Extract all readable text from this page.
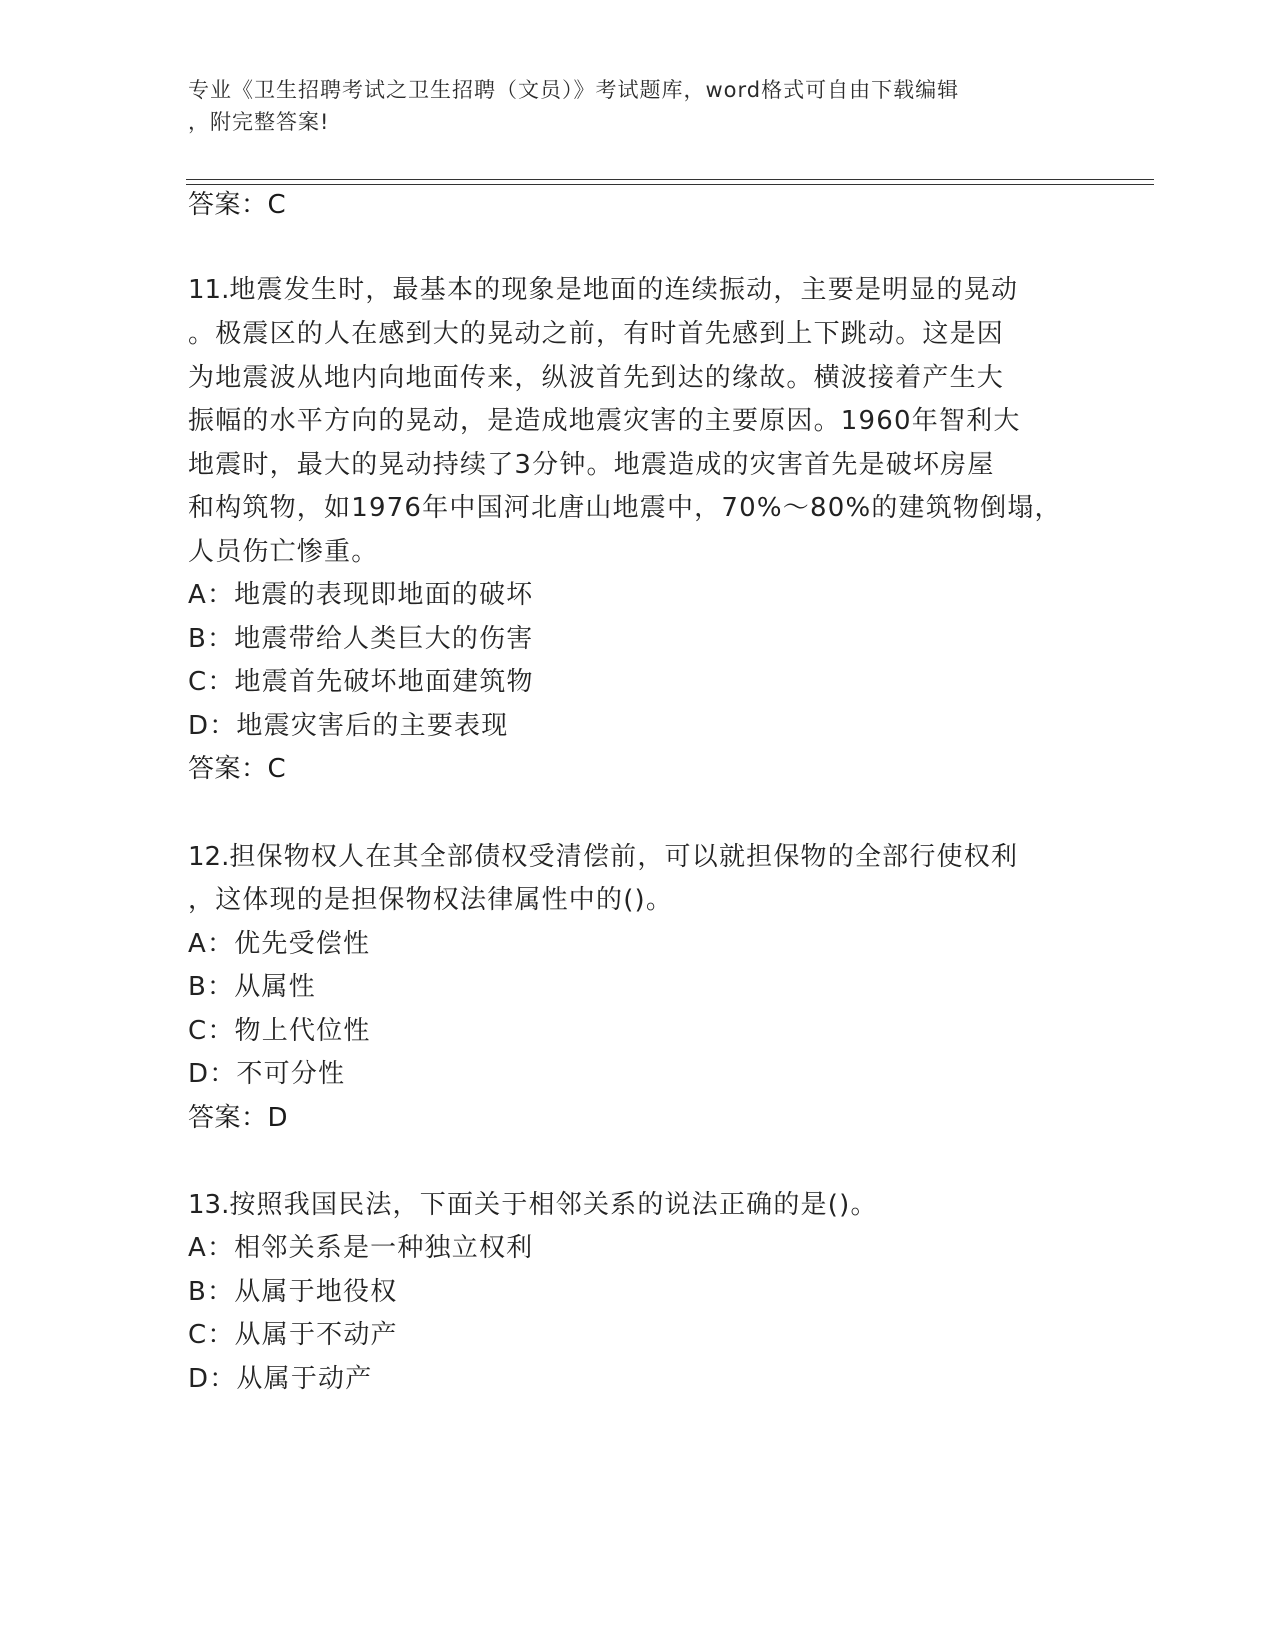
专业《卫生招聘考试之卫生招聘（文员）》考试题库，word格式可自由下载编辑
，附完整答案!
答案：C
11.地震发生时，最基本的现象是地面的连续振动，主要是明显的晃动
。极震区的人在感到大的晃动之前，有时首先感到上下跳动。这是因
为地震波从地内向地面传来，纵波首先到达的缘故。横波接着产生大
振幅的水平方向的晃动，是造成地震灾害的主要原因。1960年智利大
地震时，最大的晃动持续了3分钟。地震造成的灾害首先是破坏房屋
和构筑物，如1976年中国河北唐山地震中，70%～80%的建筑物倒塌，
人员伤亡惨重。
A：地震的表现即地面的破坏
B：地震带给人类巨大的伤害
C：地震首先破坏地面建筑物
D：地震灾害后的主要表现
答案：C
12.担保物权人在其全部债权受清偿前，可以就担保物的全部行使权利
，这体现的是担保物权法律属性中的()。
A：优先受偿性
B：从属性
C：物上代位性
D：不可分性
答案：D
13.按照我国民法，下面关于相邻关系的说法正确的是()。
A：相邻关系是一种独立权利
B：从属于地役权
C：从属于不动产
D：从属于动产
